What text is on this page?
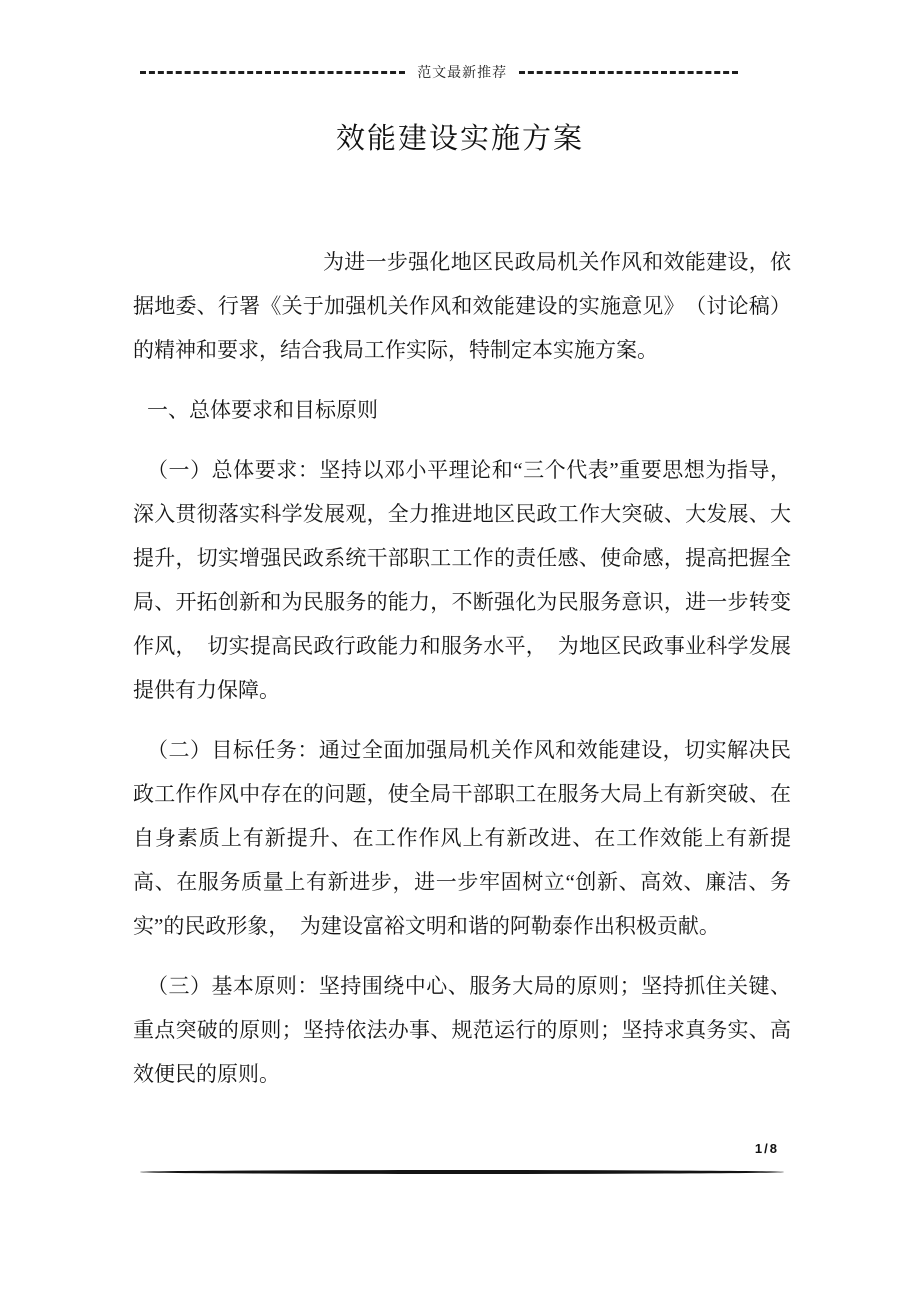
范文最新推荐
效能建设实施方案

为进一步强化地区民政局机关作风和效能建设，依据地委、行署《关于加强机关作风和效能建设的实施意见》　（讨论稿）的精神和要求，结合我局工作实际，特制定本实施方案。

一、总体要求和目标原则

（一）总体要求：坚持以邓小平理论和“三个代表”重要思想为指导，深入贯彻落实科学发展观，全力推进地区民政工作大突破、大发展、大提升，切实增强民政系统干部职工工作的责任感、使命感，提高把握全局、开拓创新和为民服务的能力，不断强化为民服务意识，进一步转变作风，　切实提高民政行政能力和服务水平，　为地区民政事业科学发展提供有力保障。

（二）目标任务：通过全面加强局机关作风和效能建设，切实解决民政工作作风中存在的问题，使全局干部职工在服务大局上有新突破、在自身素质上有新提升、在工作作风上有新改进、在工作效能上有新提高、在服务质量上有新进步，进一步牢固树立“创新、高效、廉洁、务实”的民政形象，　为建设富裕文明和谐的阿勒泰作出积极贡献。

（三）基本原则：坚持围绕中心、服务大局的原则；坚持抓住关键、重点突破的原则；坚持依法办事、规范运行的原则；坚持求真务实、高效便民的原则。

1/8
